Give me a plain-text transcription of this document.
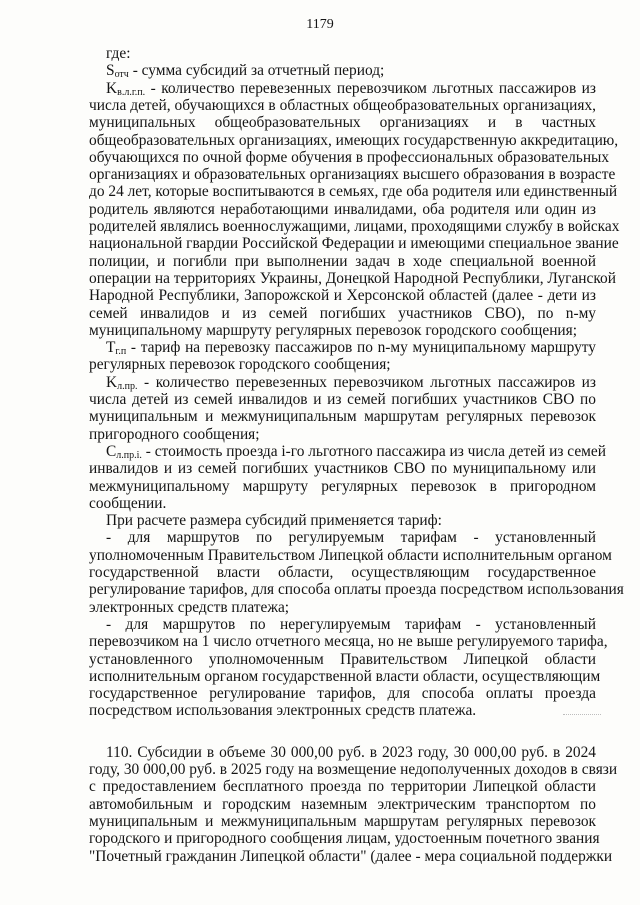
1179
где:
$S_{отч}$ - сумма субсидий за отчетный период;
$K_{в.л.г.п.}$ - количество перевезенных перевозчиком льготных пассажиров из
числа детей, обучающихся в областных общеобразовательных организациях,
муниципальных общеобразовательных организациях и в частных
общеобразовательных организациях, имеющих государственную аккредитацию,
обучающихся по очной форме обучения в профессиональных образовательных
организациях и образовательных организациях высшего образования в возрасте
до 24 лет, которые воспитываются в семьях, где оба родителя или единственный
родитель являются неработающими инвалидами, оба родителя или один из
родителей являлись военнослужащими, лицами, проходящими службу в войсках
национальной гвардии Российской Федерации и имеющими специальное звание
полиции, и погибли при выполнении задач в ходе специальной военной
операции на территориях Украины, Донецкой Народной Республики, Луганской
Народной Республики, Запорожской и Херсонской областей (далее - дети из
семей инвалидов и из семей погибших участников СВО), по n-му
муниципальному маршруту регулярных перевозок городского сообщения;
$T_{г.п}$ - тариф на перевозку пассажиров по n-му муниципальному маршруту
регулярных перевозок городского сообщения;
$K_{л.пр.}$ - количество перевезенных перевозчиком льготных пассажиров из
числа детей из семей инвалидов и из семей погибших участников СВО по
муниципальным и межмуниципальным маршрутам регулярных перевозок
пригородного сообщения;
$C_{л.пр.i.}$ - стоимость проезда i-го льготного пассажира из числа детей из семей
инвалидов и из семей погибших участников СВО по муниципальному или
межмуниципальному маршруту регулярных перевозок в пригородном
сообщении.
При расчете размера субсидий применяется тариф:
- для маршрутов по регулируемым тарифам - установленный
уполномоченным Правительством Липецкой области исполнительным органом
государственной власти области, осуществляющим государственное
регулирование тарифов, для способа оплаты проезда посредством использования
электронных средств платежа;
- для маршрутов по нерегулируемым тарифам - установленный
перевозчиком на 1 число отчетного месяца, но не выше регулируемого тарифа,
установленного уполномоченным Правительством Липецкой области
исполнительным органом государственной власти области, осуществляющим
государственное регулирование тарифов, для способа оплаты проезда
посредством использования электронных средств платежа.
110. Субсидии в объеме 30 000,00 руб. в 2023 году, 30 000,00 руб. в 2024
году, 30 000,00 руб. в 2025 году на возмещение недополученных доходов в связи
с предоставлением бесплатного проезда по территории Липецкой области
автомобильным и городским наземным электрическим транспортом по
муниципальным и межмуниципальным маршрутам регулярных перевозок
городского и пригородного сообщения лицам, удостоенным почетного звания
"Почетный гражданин Липецкой области" (далее - мера социальной поддержки
